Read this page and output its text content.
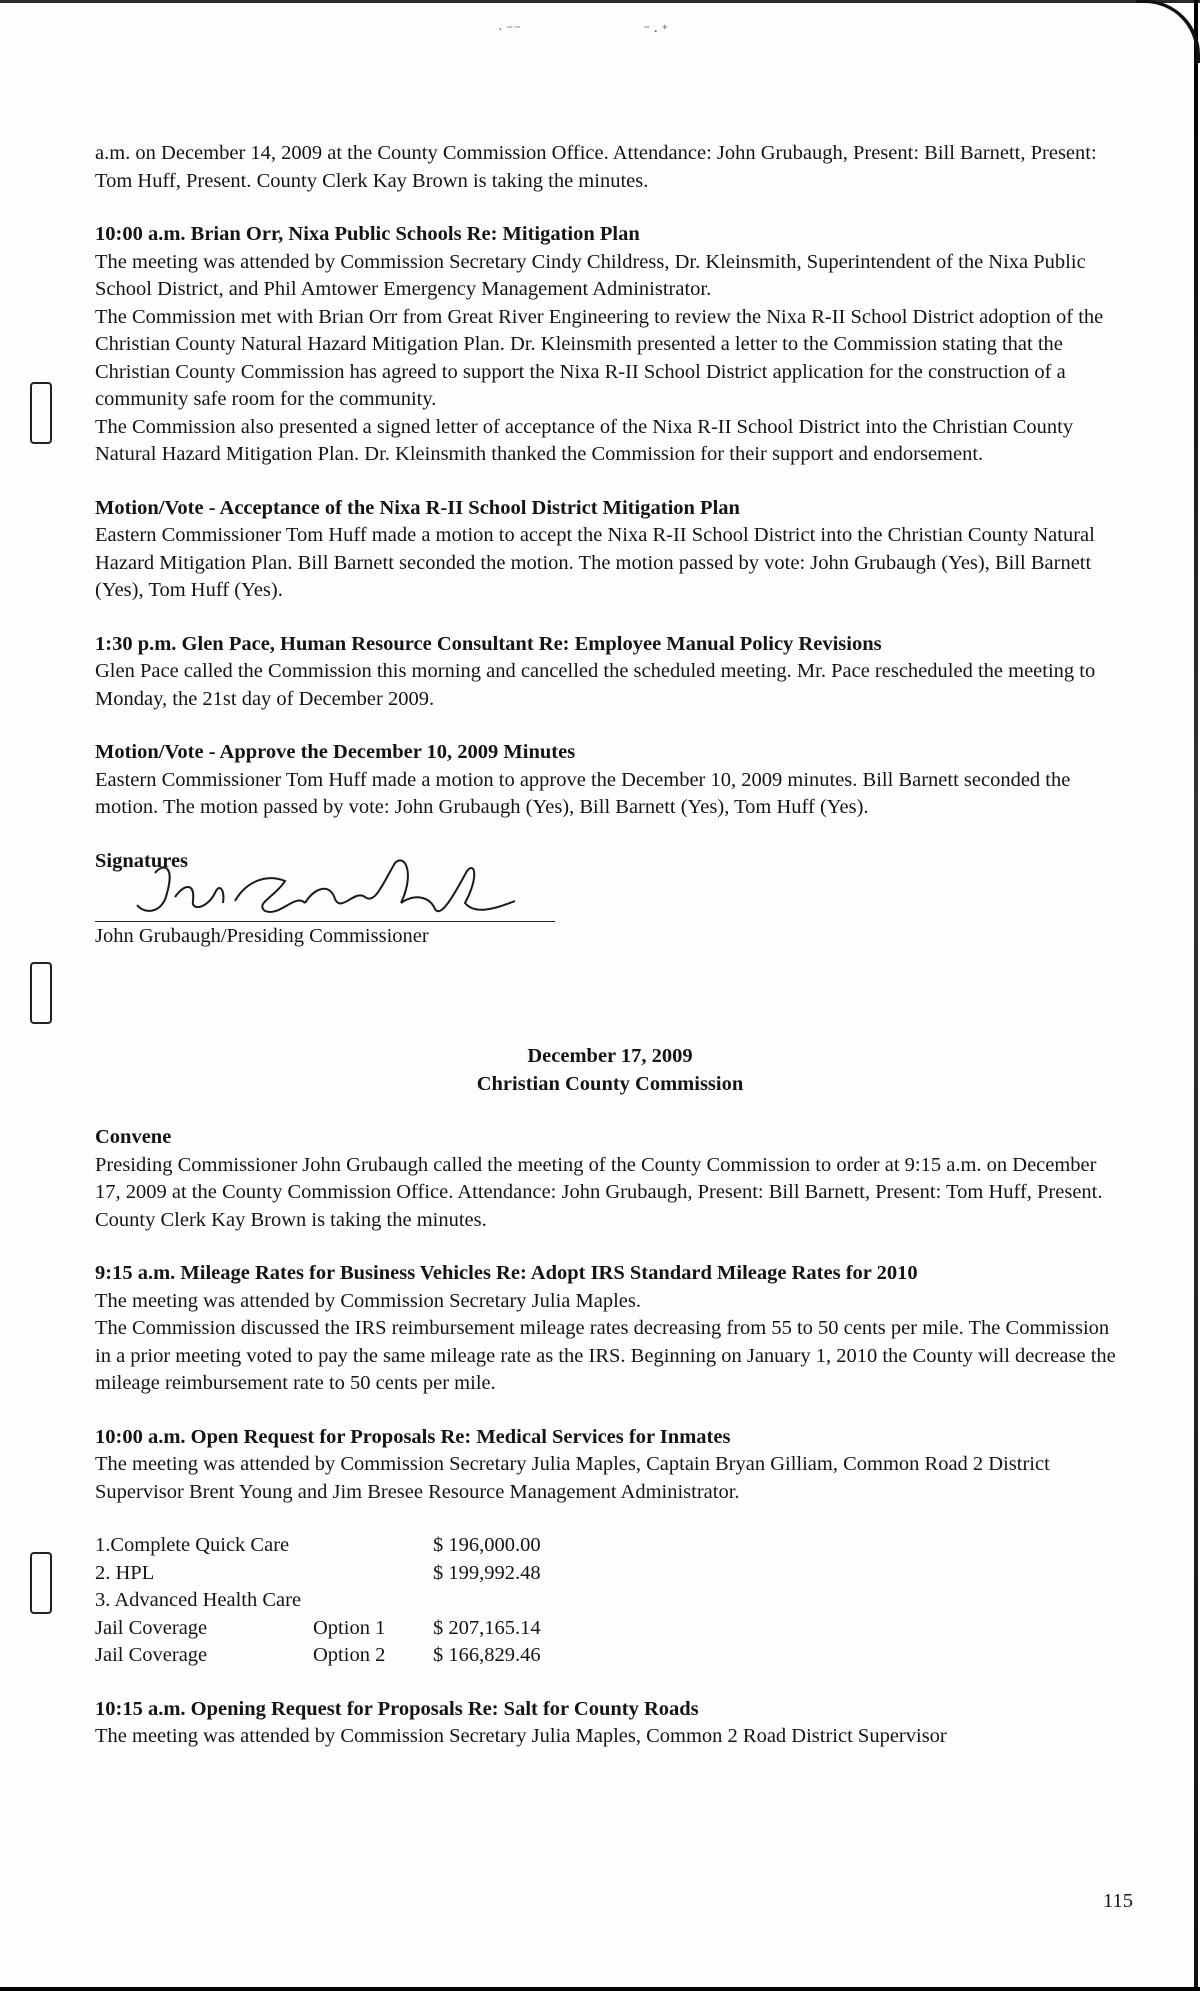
· ⁻⁻	⁻ ⸳ ⁺

a.m. on December 14, 2009 at the County Commission Office. Attendance: John Grubaugh, Present: Bill Barnett, Present: Tom Huff, Present. County Clerk Kay Brown is taking the minutes.

10:00 a.m. Brian Orr, Nixa Public Schools Re: Mitigation Plan

The meeting was attended by Commission Secretary Cindy Childress, Dr. Kleinsmith, Superintendent of the Nixa Public School District, and Phil Amtower Emergency Management Administrator.
The Commission met with Brian Orr from Great River Engineering to review the Nixa R-II School District adoption of the Christian County Natural Hazard Mitigation Plan. Dr. Kleinsmith presented a letter to the Commission stating that the Christian County Commission has agreed to support the Nixa R-II School District application for the construction of a community safe room for the community.
The Commission also presented a signed letter of acceptance of the Nixa R-II School District into the Christian County Natural Hazard Mitigation Plan. Dr. Kleinsmith thanked the Commission for their support and endorsement.

Motion/Vote - Acceptance of the Nixa R-II School District Mitigation Plan

Eastern Commissioner Tom Huff made a motion to accept the Nixa R-II School District into the Christian County Natural Hazard Mitigation Plan. Bill Barnett seconded the motion. The motion passed by vote: John Grubaugh (Yes), Bill Barnett (Yes), Tom Huff (Yes).

1:30 p.m. Glen Pace, Human Resource Consultant Re: Employee Manual Policy Revisions

Glen Pace called the Commission this morning and cancelled the scheduled meeting. Mr. Pace rescheduled the meeting to Monday, the 21st day of December 2009.

Motion/Vote - Approve the December 10, 2009 Minutes

Eastern Commissioner Tom Huff made a motion to approve the December 10, 2009 minutes. Bill Barnett seconded the motion. The motion passed by vote: John Grubaugh (Yes), Bill Barnett (Yes), Tom Huff (Yes).

Signatures

John Grubaugh/Presiding Commissioner

December 17, 2009

Christian County Commission

Convene

Presiding Commissioner John Grubaugh called the meeting of the County Commission to order at 9:15 a.m. on December 17, 2009 at the County Commission Office. Attendance: John Grubaugh, Present: Bill Barnett, Present: Tom Huff, Present. County Clerk Kay Brown is taking the minutes.

9:15 a.m. Mileage Rates for Business Vehicles Re: Adopt IRS Standard Mileage Rates for 2010

The meeting was attended by Commission Secretary Julia Maples.
The Commission discussed the IRS reimbursement mileage rates decreasing from 55 to 50 cents per mile. The Commission in a prior meeting voted to pay the same mileage rate as the IRS. Beginning on January 1, 2010 the County will decrease the mileage reimbursement rate to 50 cents per mile.

10:00 a.m. Open Request for Proposals Re: Medical Services for Inmates

The meeting was attended by Commission Secretary Julia Maples, Captain Bryan Gilliam, Common Road 2 District Supervisor Brent Young and Jim Bresee Resource Management Administrator.

1.Complete Quick Care		$ 196,000.00
2. HPL		$ 199,992.48
3. Advanced Health Care		
Jail Coverage	Option 1	$ 207,165.14
Jail Coverage	Option 2	$ 166,829.46

10:15 a.m. Opening Request for Proposals Re: Salt for County Roads

The meeting was attended by Commission Secretary Julia Maples, Common 2 Road District Supervisor

115
